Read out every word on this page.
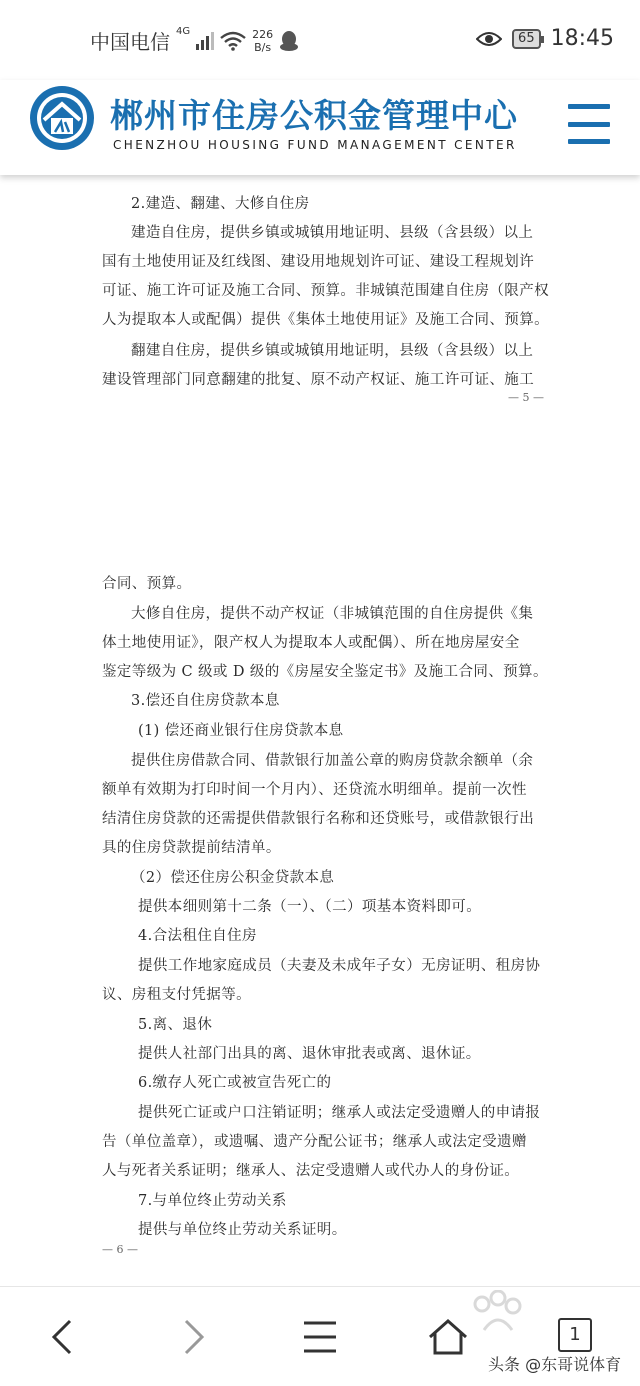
中国电信 4G	226
B/s
65 18:45
郴州市住房公积金管理中心
CHENZHOU HOUSING FUND MANAGEMENT CENTER
2.建造、翻建、大修自住房
建造自住房，提供乡镇或城镇用地证明、县级（含县级）以上
国有土地使用证及红线图、建设用地规划许可证、建设工程规划许
可证、施工许可证及施工合同、预算。非城镇范围建自住房（限产权
人为提取本人或配偶）提供《集体土地使用证》及施工合同、预算。
翻建自住房，提供乡镇或城镇用地证明，县级（含县级）以上
建设管理部门同意翻建的批复、原不动产权证、施工许可证、施工
— 5 —
合同、预算。
大修自住房，提供不动产权证（非城镇范围的自住房提供《集
体土地使用证》，限产权人为提取本人或配偶）、所在地房屋安全
鉴定等级为 C 级或 D 级的《房屋安全鉴定书》及施工合同、预算。
3.偿还自住房贷款本息
(1) 偿还商业银行住房贷款本息
提供住房借款合同、借款银行加盖公章的购房贷款余额单（余
额单有效期为打印时间一个月内）、还贷流水明细单。提前一次性
结清住房贷款的还需提供借款银行名称和还贷账号，或借款银行出
具的住房贷款提前结清单。
（2）偿还住房公积金贷款本息
提供本细则第十二条（一）、（二）项基本资料即可。
4.合法租住自住房
提供工作地家庭成员（夫妻及未成年子女）无房证明、租房协
议、房租支付凭据等。
5.离、退休
提供人社部门出具的离、退休审批表或离、退休证。
6.缴存人死亡或被宣告死亡的
提供死亡证或户口注销证明；继承人或法定受遗赠人的申请报
告（单位盖章），或遗嘱、遗产分配公证书；继承人或法定受遗赠
人与死者关系证明；继承人、法定受遗赠人或代办人的身份证。
7.与单位终止劳动关系
提供与单位终止劳动关系证明。
— 6 —
1
头条 @东哥说体育
